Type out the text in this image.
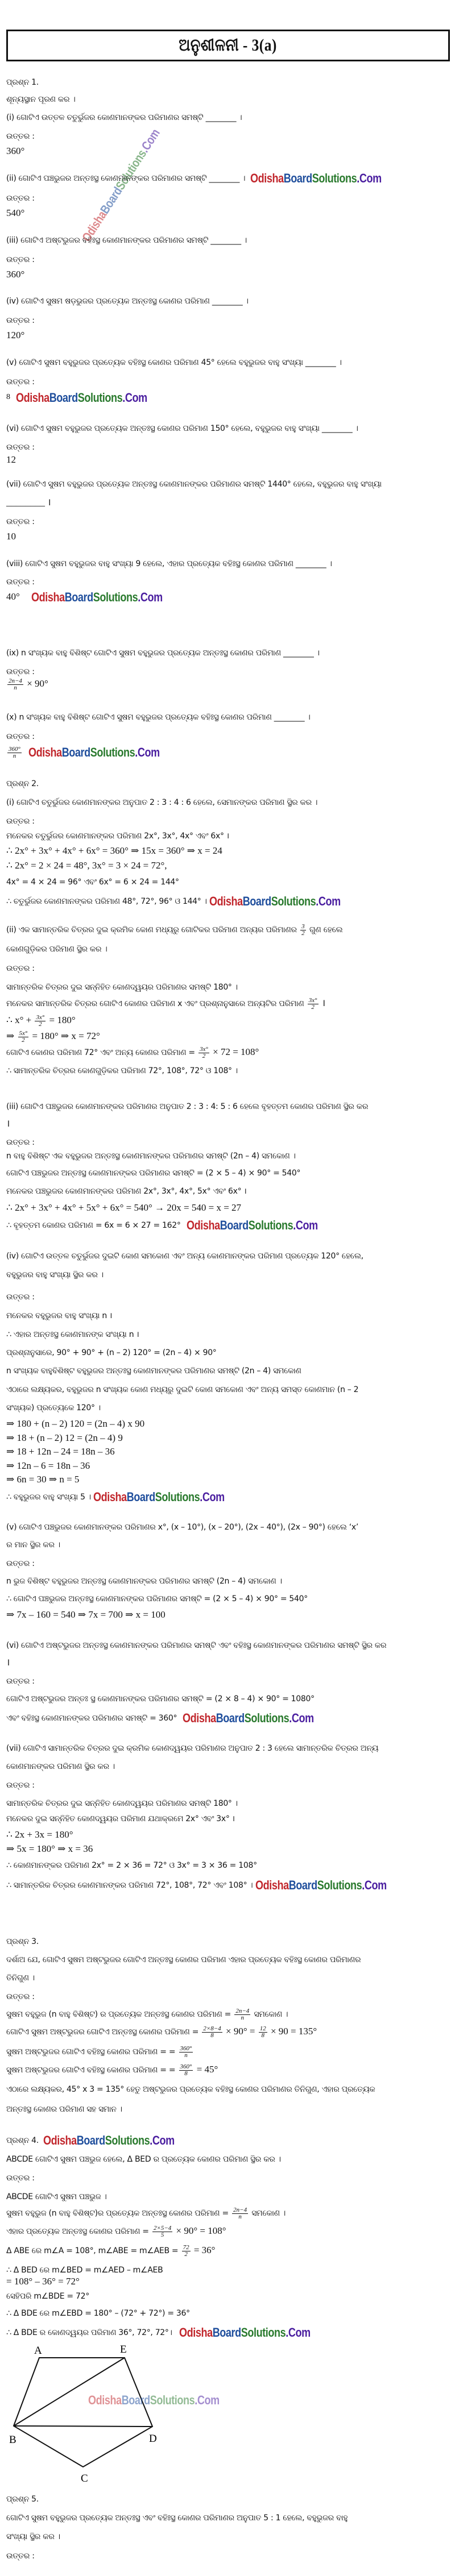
ଅନୁଶୀଳନୀ - 3(a)
OdishaBoardSolutions.Com
ପ୍ରଶ୍ନ 1.
ଶୂନ୍ୟସ୍ଥାନ ପୂରଣ କର ।
(i) ଗୋଟିଏ ଉତ୍ତଳ ଚତୁର୍ଭୁଜର କୋଣମାନଙ୍କର ପରିମାଣର ସମଷ୍ଟି ________ ।
ଉତ୍ତର :
360°
(ii) ଗୋଟିଏ ପଞ୍ଚଭୁଜର ଅନ୍ତଃସ୍ଥ କୋଣମାନଙ୍କର ପରିମାଣର ସମଷ୍ଟି ________ । OdishaBoardSolutions.Com
ଉତ୍ତର :
540°
(iii) ଗୋଟିଏ ଅଷ୍ଟଭୁଜର ବହିଃସ୍ଥ କୋଣମାନଙ୍କର ପରିମାଣର ସମଷ୍ଟି ________ ।
ଉତ୍ତର :
360°
(iv) ଗୋଟିଏ ସୁଷମ ଷଡ଼ଭୁଜର ପ୍ରତ୍ୟେକ ଅନ୍ତଃସ୍ଥ କୋଣର ପରିମାଣ ________ ।
ଉତ୍ତର :
120°
(v) ଗୋଟିଏ ସୁଷମ ବହୁଭୁଜର ପ୍ରତ୍ୟେକ ବହିଃସ୍ଥ କୋଣର ପରିମାଣ 45° ହେଲେ ବହୁଭୁଜର ବାହୁ ସଂଖ୍ୟା ________ ।
ଉତ୍ତର :
$^8$ OdishaBoardSolutions.Com
(vi) ଗୋଟିଏ ସୁଷମ ବହୁଭୁଜର ପ୍ରତ୍ୟେକ ଅନ୍ତଃସ୍ଥ କୋଣର ପରିମାଣ 150° ହେଲେ, ବହୁଭୁଜର ବାହୁ ସଂଖ୍ୟା ________ ।
ଉତ୍ତର :
12
(vii) ଗୋଟିଏ ସୁଷମ ବହୁଭୁଜର ପ୍ରତ୍ୟେକ ଅନ୍ତଃସ୍ଥ କୋଣମାନଙ୍କର ପରିମାଣର ସମଷ୍ଟି 1440° ହେଲେ, ବହୁଭୁଜର ବାହୁ ସଂଖ୍ୟା
________ ।
ଉତ୍ତର :
10
(viii) ଗୋଟିଏ ସୁଷମ ବହୁଭୁଜର ବାହୁ ସଂଖ୍ୟା 9 ହେଲେ, ଏହାର ପ୍ରତ୍ୟେକ ବହିଃସ୍ଥ କୋଣର ପରିମାଣ ________ ।
ଉତ୍ତର :
40° OdishaBoardSolutions.Com
(ix) n ସଂଖ୍ୟକ ବାହୁ ବିଶିଷ୍ଟ ଗୋଟିଏ ସୁଷମ ବହୁଭୁଜର ପ୍ରତ୍ୟେକ ଅନ୍ତଃସ୍ଥ କୋଣର ପରିମାଣ ________ ।
ଉତ୍ତର :
$\frac{2n-4}{n} \times 90^\circ$
(x) n ସଂଖ୍ୟକ ବାହୁ ବିଶିଷ୍ଟ ଗୋଟିଏ ସୁଷମ ବହୁଭୁଜର ପ୍ରତ୍ୟେକ ବହିଃସ୍ଥ କୋଣର ପରିମାଣ ________ ।
ଉତ୍ତର :
$\frac{360^\circ}{n}$ OdishaBoardSolutions.Com
ପ୍ରଶ୍ନ 2.
(i) ଗୋଟିଏ ଚତୁର୍ଭୁଜର କୋଣମାନଙ୍କର ଅନୁପାତ 2 : 3 : 4 : 6 ହେଲେ, ସେମାନଙ୍କର ପରିମାଣ ସ୍ଥିର କର ।
ଉତ୍ତର :
ମନେକର ଚତୁର୍ଭୁଜର କୋଣମାନଙ୍କର ପରିମାଣ 2x°, 3x°, 4x° ଏବଂ 6x° ।
∴ 2x° + 3x° + 4x° + 6x° = 360° ⇒ 15x = 360° ⇒ x = 24
∴ 2x° = 2 × 24 = 48°, 3x° = 3 × 24 = 72°,
4x° = 4 × 24 = 96° ଏବଂ 6x° = 6 × 24 = 144°
∴ ଚତୁର୍ଭୁଜର କୋଣମାନଙ୍କର ପରିମାଣ 48°, 72°, 96° ଓ 144° । OdishaBoardSolutions.Com
(ii) ଏକ ସାମାନ୍ତରିକ ଚିତ୍ରର ଦୁଇ କ୍ରମିକ କୋଣ ମଧ୍ୟରୁ ଗୋଟିକର ପରିମାଣ ଅନ୍ୟର ପରିମାଣର $\frac{3}{2}$ ଗୁଣ ହେଲେ
କୋଣଗୁଡ଼ିକର ପରିମାଣ ସ୍ଥିର କର ।
ଉତ୍ତର :
ସାମାନ୍ତରିକ ଚିତ୍ରର ଦୁଇ ସନ୍ନିହିତ କୋଣଦ୍ୱୟର ପରିମାଣର ସମଷ୍ଟି 180° ।
ମନେକର ସାମାନ୍ତରିକ ଚିତ୍ରର ଗୋଟିଏ କୋଣର ପରିମାଣ x ଏବଂ ପ୍ରଶ୍ନାନୁସାରେ ଅନ୍ୟଟିର ପରିମାଣ $\frac{3x^\circ}{2}$ ।
∴ $x^\circ + \frac{3x^\circ}{2} = 180^\circ$
⇒ $\frac{5x^\circ}{2} = 180^\circ$ ⇒ x = 72°
ଗୋଟିଏ କୋଣର ପରିମାଣ 72° ଏବଂ ଅନ୍ୟ କୋଣର ପରିମାଣ = $\frac{3x^\circ}{2} \times 72 = 108^\circ$
∴ ସାମାନ୍ତରିକ ଚିତ୍ରର କୋଣଗୁଡ଼ିକର ପରିମାଣ 72°, 108°, 72° ଓ 108° ।
(iii) ଗୋଟିଏ ପଞ୍ଚଭୁଜର କୋଣମାନଙ୍କର ପରିମାଣର ଅନୁପାତ 2 : 3 : 4: 5 : 6 ହେଲେ ବୃହତ୍ତମ କୋଣର ପରିମାଣ ସ୍ଥିର କର
।
ଉତ୍ତର :
n ବାହୁ ବିଶିଷ୍ଟ ଏକ ବହୁଭୁଜର ଅନ୍ତଃସ୍ଥ କୋଣମାନଙ୍କର ପରିମାଣର ସମଷ୍ଟି (2n – 4) ସମକୋଣ ।
ଗୋଟିଏ ପଞ୍ଚଭୁଜର ଅନ୍ତଃସ୍ଥ କୋଣମାନଙ୍କର ପରିମାଣର ସମଷ୍ଟି = (2 × 5 – 4) × 90° = 540°
ମନେକର ପଞ୍ଚଭୁଜର କୋଣମାନଙ୍କର ପରିମାଣ 2x°, 3x°, 4x°, 5x° ଏବଂ 6x° ।
∴ 2x° + 3x° + 4x° + 5x° + 6x° = 540° → 20x = 540 = x = 27
∴ ବୃହତ୍ତମ କୋଣର ପରିମାଣ = 6x = 6 × 27 = 162° OdishaBoardSolutions.Com
(iv) ଗୋଟିଏ ଉତ୍ତଳ ଚତୁର୍ଭୁଜର ଦୁଇଟି କୋଣ ସମକୋଣ ଏବଂ ଅନ୍ୟ କୋଣମାନଙ୍କର ପରିମାଣ ପ୍ରତ୍ୟେକ 120° ହେଲେ,
ବହୁଭୁଜର ବାହୁ ସଂଖ୍ୟା ସ୍ଥିର କର ।
ଉତ୍ତର :
ମନେକର ବହୁଭୁଜର ବାହୁ ସଂଖ୍ୟା n ।
∴ ଏହାର ଅନ୍ତଃସ୍ଥ କୋଣମାନଙ୍କ ସଂଖ୍ୟା n ।
ପ୍ରଶ୍ନାନୁସାରେ, 90° + 90° + (n – 2) 120° = (2n – 4) × 90°
n ସଂଖ୍ୟକ ବାହୁବିଶିଷ୍ଟ ବହୁଭୁଜର ଅନ୍ତଃସ୍ଥ କୋଣମାନଙ୍କର ପରିମାଣର ସମଷ୍ଟି (2n – 4) ସମକୋଣ
ଏଠାରେ ଲକ୍ଷ୍ୟକର, ବହୁଭୁଜର n ସଂଖ୍ୟକ କୋଣ ମଧ୍ୟରୁ ଦୁଇଟି କୋଣ ସମକୋଣ ଏବଂ ଅନ୍ୟ ସମସ୍ତ କୋଣମାନ (n – 2
ସଂଖ୍ୟକ) ପ୍ରତ୍ୟେକେ 120° ।
⇒ 180 + (n – 2) 120 = (2n – 4) x 90
⇒ 18 + (n – 2) 12 = (2n – 4) 9
⇒ 18 + 12n – 24 = 18n – 36
⇒ 12n – 6 = 18n – 36
⇒ 6n = 30 ⇒ n = 5
∴ ବହୁଭୁଜର ବାହୁ ସଂଖ୍ୟା 5 । OdishaBoardSolutions.Com
(v) ଗୋଟିଏ ପଞ୍ଚଭୁଜର କୋଣମାନଙ୍କର ପରିମାଣର x°, (x – 10°), (x – 20°), (2x – 40°), (2x – 90°) ହେଲେ ‘x’
ର ମାନ ସ୍ଥିର କର ।
ଉତ୍ତର :
n ଭୁଜ ବିଶିଷ୍ଟ ବହୁଭୁଜର ଅନ୍ତଃସ୍ଥ କୋଣମାନଙ୍କର ପରିମାଣର ସମଷ୍ଟି (2n – 4) ସମକୋଣ ।
∴ ଗୋଟିଏ ପଞ୍ଚଭୁଜର ଅନ୍ତଃସ୍ଥ କୋଣମାନଙ୍କର ପରିମାଣର ସମଷ୍ଟି = (2 × 5 – 4) × 90° = 540°
⇒ 7x – 160 = 540 ⇒ 7x = 700 ⇒ x = 100
(vi) ଗୋଟିଏ ଅଷ୍ଟଭୁଜର ଅନ୍ତଃସ୍ଥ କୋଣମାନଙ୍କର ପରିମାଣର ସମଷ୍ଟି ଏବଂ ବହିଃସ୍ଥ କୋଣମାନଙ୍କର ପରିମାଣର ସମଷ୍ଟି ସ୍ଥିର କର
।
ଉତ୍ତର :
ଗୋଟିଏ ଅଷ୍ଟଭୁଜର ଅନ୍ତଃ ସ୍ଥ କୋଣମାନଙ୍କର ପରିମାଣର ସମଷ୍ଟି = (2 × 8 – 4) × 90° = 1080°
ଏବଂ ବହିଃସ୍ଥ କୋଣମାନଙ୍କର ପରିମାଣର ସମଷ୍ଟି = 360° OdishaBoardSolutions.Com
(vii) ଗୋଟିଏ ସାମାନ୍ତରିକ ଚିତ୍ରର ଦୁଇ କ୍ରମିକ କୋଣଦ୍ୱୟର ପରିମାଣର ଅନୁପାତ 2 : 3 ହେଲେ ସାମାନ୍ତରିକ ଚିତ୍ରର ଅନ୍ୟ
କୋଣମାନଙ୍କର ପରିମାଣ ସ୍ଥିର କର ।
ଉତ୍ତର :
ସାମାନ୍ତରିକ ଚିତ୍ରର ଦୁଇ ସନ୍ନିହିତ କୋଣଦ୍ୱୟର ପରିମାଣର ସମଷ୍ଟି 180° ।
ମନେକର ଦୁଇ ସନ୍ନିହିତ କୋଣଦ୍ୱୟର ପରିମାଣ ଯଥାକ୍ରମେ 2x° ଏବଂ 3x° ।
∴ 2x + 3x = 180°
⇒ 5x = 180° ⇒ x = 36
∴ କୋଣମାନଙ୍କର ପରିମାଣ 2x° = 2 × 36 = 72° ଓ 3x° = 3 × 36 = 108°
∴ ସାମାନ୍ତରିକ ଚିତ୍ରର କୋଣମାନଙ୍କର ପରିମାଣ 72°, 108°, 72° ଏବଂ 108° । OdishaBoardSolutions.Com
ପ୍ରଶ୍ନ 3.
ଦର୍ଶାଅ ଯେ, ଗୋଟିଏ ସୁଷମ ଅଷ୍ଟଭୁଜର ଗୋଟିଏ ଅନ୍ତଃସ୍ଥ କୋଣର ପରିମାଣ ଏହାର ପ୍ରତ୍ୟେକ ବହିଃସ୍ଥ କୋଣର ପରିମାଣର
ତିନିଗୁଣ ।
ଉତ୍ତର :
ସୁଷମ ବହୁଭୁଜ (n ବାହୁ ବିଶିଷ୍ଟ) ର ପ୍ରତ୍ୟେକ ଅନ୍ତଃସ୍ଥ କୋଣର ପରିମାଣ = $\frac{2n-4}{n}$ ସମକୋଣ ।
ଗୋଟିଏ ସୁଷମ ଅଷ୍ଟଭୁଜର ଗୋଟିଏ ଅନ୍ତଃସ୍ଥ କୋଣର ପରିମାଣ = $\frac{2\times 8-4}{8} \times 90^\circ = \frac{12}{8} \times 90 = 135^\circ$
ସୁଷମ ଅଷ୍ଟଭୁଜର ଗୋଟିଏ ବହିଃସ୍ଥ କୋଣର ପରିମାଣ = = $\frac{360^\circ}{n}$
ସୁଷମ ଅଷ୍ଟଭୁଜର ଗୋଟିଏ ବହିଃସ୍ଥ କୋଣର ପରିମାଣ = = $\frac{360^\circ}{8} = 45^\circ$
ଏଠାରେ ଲକ୍ଷ୍ୟକର, 45° x 3 = 135° ହେତୁ ଅଷ୍ଟଭୁଜର ପ୍ରତ୍ୟେକ ବହିଃସ୍ଥ କୋଣର ପରିମାଣର ତିନିଗୁଣ, ଏହାର ପ୍ରତ୍ୟେକ
ଅନ୍ତଃସ୍ଥ କୋଣର ପରିମାଣ ସହ ସମାନ ।
ପ୍ରଶ୍ନ 4. OdishaBoardSolutions.Com
ABCDE ଗୋଟିଏ ସୁଷମ ପଞ୍ଚଭୁଜ ହେଲେ, Δ BED ର ପ୍ରତ୍ୟେକ କୋଣର ପରିମାଣ ସ୍ଥିର କର ।
ଉତ୍ତର :
ABCDE ଗୋଟିଏ ସୁଷମ ପଞ୍ଚଭୁଜ ।
ସୁଷମ ବହୁଭୁଜ (n ବାହୁ ବିଶିଷ୍ଟ)ର ପ୍ରତ୍ୟେକ ଅନ୍ତଃସ୍ଥ କୋଣର ପରିମାଣ = $\frac{2n-4}{n}$ ସମକୋଣ ।
ଏହାର ପ୍ରତ୍ୟେକ ଅନ୍ତଃସ୍ଥ କୋଣର ପରିମାଣ = $\frac{2\times 5-4}{5} \times 90^\circ = 108^\circ$
Δ ABE ରେ m∠A = 108°, m∠ABE = m∠AEB = $\frac{72}{2} = 36^\circ$
∴ Δ BED ରେ m∠BED = m∠AED – m∠AEB
= 108° – 36° = 72°
ସେହିପରି m∠BDE = 72°
∴ Δ BDE ରେ m∠EBD = 180° – (72° + 72°) = 36°
∴ Δ BDE ର କୋଣଦ୍ୱୟର ପରିମାଣ 36°, 72°, 72°। OdishaBoardSolutions.Com
A	E
B	D
C
OdishaBoardSolutions.Com
ପ୍ରଶ୍ନ 5.
ଗୋଟିଏ ସୁଷମ ବହୁଭୁଜର ପ୍ରତ୍ୟେକ ଅନ୍ତଃସ୍ଥ ଏବଂ ବହିଃସ୍ଥ କୋଣର ପରିମାଣର ଅନୁପାତ 5 : 1 ହେଲେ, ବହୁଭୁଜର ବାହୁ
ସଂଖ୍ୟା ସ୍ଥିର କର ।
ଉତ୍ତର :
